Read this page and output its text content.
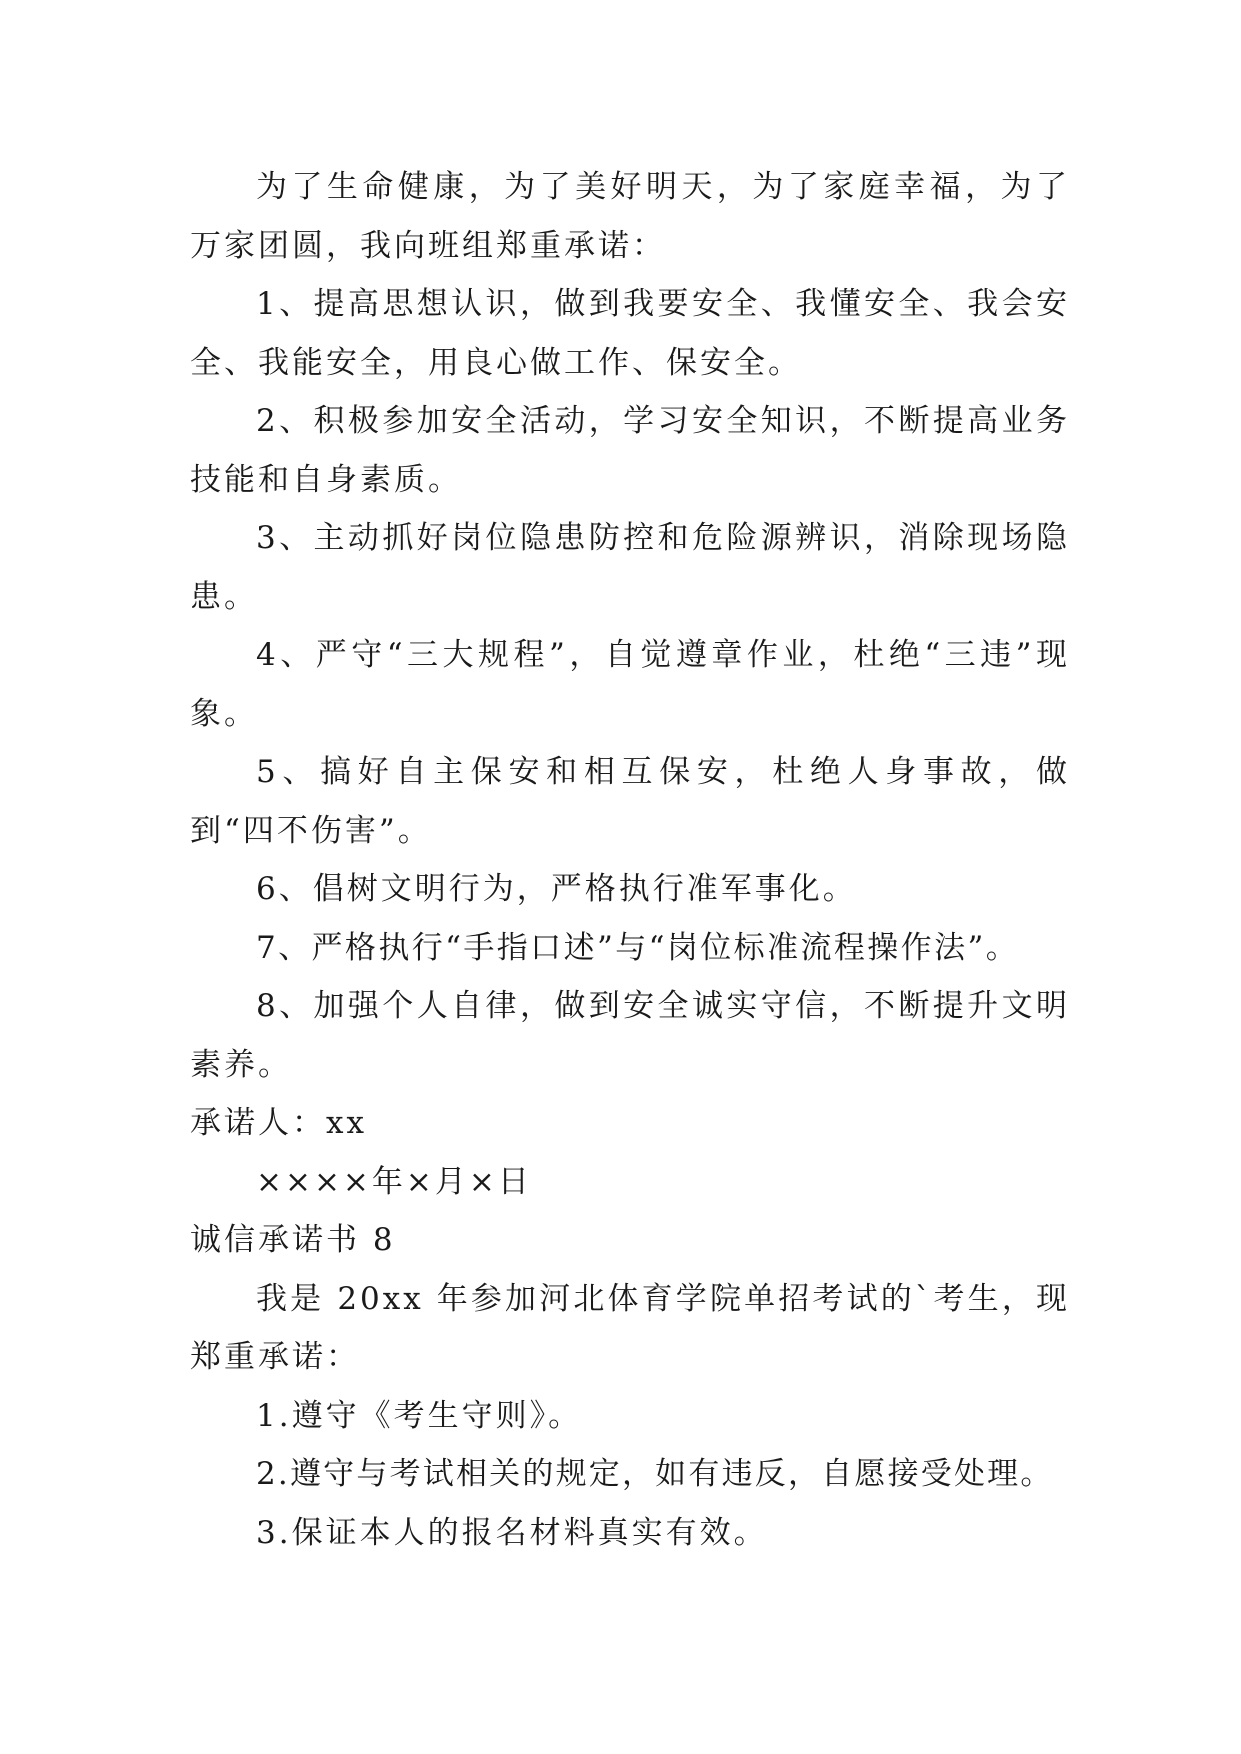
为了生命健康，为了美好明天，为了家庭幸福，为了万家团圆，我向班组郑重承诺：

1、提高思想认识，做到我要安全、我懂安全、我会安全、我能安全，用良心做工作、保安全。

2、积极参加安全活动，学习安全知识，不断提高业务技能和自身素质。

3、主动抓好岗位隐患防控和危险源辨识，消除现场隐患。

4、严守“三大规程”，自觉遵章作业，杜绝“三违”现象。

5、搞好自主保安和相互保安，杜绝人身事故，做到“四不伤害”。

6、倡树文明行为，严格执行准军事化。

7、严格执行“手指口述”与“岗位标准流程操作法”。

8、加强个人自律，做到安全诚实守信，不断提升文明素养。

承诺人：xx

××××年×月×日

诚信承诺书 8

我是 20xx 年参加河北体育学院单招考试的`考生，现郑重承诺：

1.遵守《考生守则》。

2.遵守与考试相关的规定，如有违反，自愿接受处理。

3.保证本人的报名材料真实有效。
